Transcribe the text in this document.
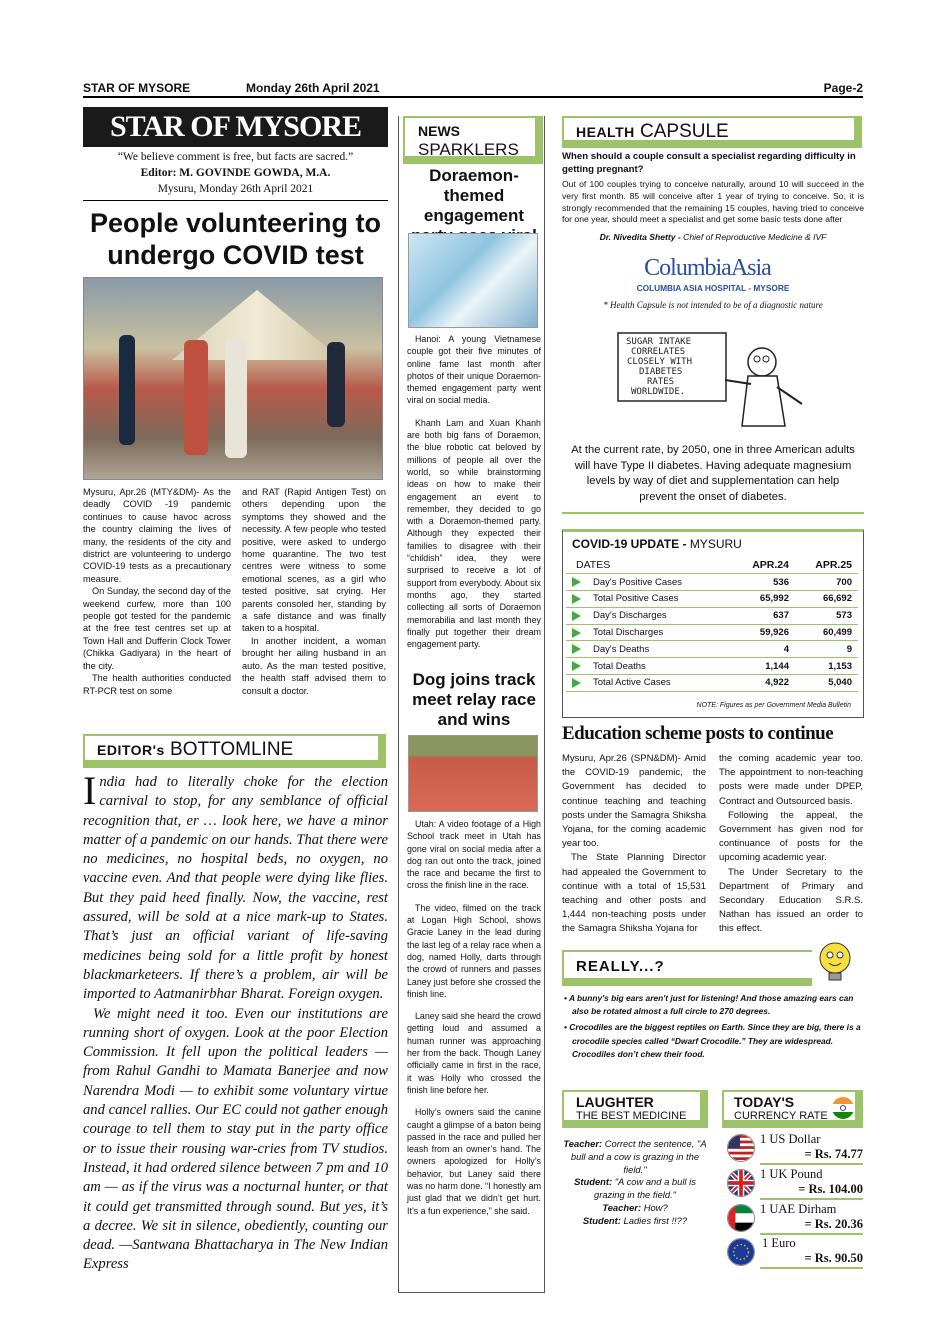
STAR OF MYSORE	Monday 26th April 2021	Page-2
STAR OF MYSORE
“We believe comment is free, but facts are sacred.”
Editor: M. GOVINDE GOWDA, M.A.
Mysuru, Monday 26th April 2021
People volunteering to undergo COVID test

Mysuru, Apr.26 (MTY&DM)- As the deadly COVID -19 pandemic continues to cause havoc across the country claiming the lives of many, the residents of the city and district are volunteering to undergo COVID-19 tests as a precautionary measure.

On Sunday, the second day of the weekend curfew, more than 100 people got tested for the pandemic at the free test centres set up at Town Hall and Dufferin Clock Tower (Chikka Gadiyara) in the heart of the city.

The health authorities conducted RT-PCR test on some

and RAT (Rapid Antigen Test) on others depending upon the symptoms they showed and the necessity. A few people who tested positive, were asked to undergo home quarantine. The two test centres were witness to some emotional scenes, as a girl who tested positive, sat crying. Her parents consoled her, standing by a safe distance and was finally taken to a hospital.

In another incident, a woman brought her ailing husband in an auto. As the man tested positive, the health staff advised them to consult a doctor.

EDITOR's BOTTOMLINE

India had to literally choke for the election carnival to stop, for any semblance of official recognition that, er … look here, we have a minor matter of a pandemic on our hands. That there were no medicines, no hospital beds, no oxygen, no vaccine even. And that people were dying like flies. But they paid heed finally. Now, the vaccine, rest assured, will be sold at a nice mark-up to States. That’s just an official variant of life-saving medicines being sold for a little profit by honest blackmarketeers. If there’s a problem, air will be imported to Aatmanirbhar Bharat. Foreign oxygen.

We might need it too. Even our institutions are running short of oxygen. Look at the poor Election Commission. It fell upon the political leaders — from Rahul Gandhi to Mamata Banerjee and now Narendra Modi — to exhibit some voluntary virtue and cancel rallies. Our EC could not gather enough courage to tell them to stay put in the party office or to issue their rousing war-cries from TV studios. Instead, it had ordered silence between 7 pm and 10 am — as if the virus was a nocturnal hunter, or that it could get transmitted through sound. But yes, it’s a decree. We sit in silence, obediently, counting our dead. —Santwana Bhattacharya in The New Indian Express

NEWS
SPARKLERS
Doraemon-themed engagement

Hanoi: A young Vietnamese couple got their five minutes of online fame last month after photos of their unique Doraemon-themed engagement party went viral on social media.

Khanh Lam and Xuan Khanh are both big fans of Doraemon, the blue robotic cat beloved by millions of people all over the world, so while brainstorming ideas on how to make their engagement an event to remember, they decided to go with a Doraemon-themed party. Although they expected their families to disagree with their “childish” idea, they were surprised to receive a lot of support from everybody. About six months ago, they started collecting all sorts of Doraemon memorabilia and last month they finally put together their dream engagement party.

Dog joins track meet relay race and wins

Utah: A video footage of a High School track meet in Utah has gone viral on social media after a dog ran out onto the track, joined the race and became the first to cross the finish line in the race.

The video, filmed on the track at Logan High School, shows Gracie Laney in the lead during the last leg of a relay race when a dog, named Holly, darts through the crowd of runners and passes Laney just before she crossed the finish line.

Laney said she heard the crowd getting loud and assumed a human runner was approaching her from the back. Though Laney officially came in first in the race, it was Holly who crossed the finish line before her.

Holly’s owners said the canine caught a glimpse of a baton being passed in the race and pulled her leash from an owner’s hand. The owners apologized for Holly’s behavior, but Laney said there was no harm done. “I honestly am just glad that we didn’t get hurt. It’s a fun experience,” she said.

HEALTH CAPSULE
When should a couple consult a specialist regarding difficulty in getting pregnant?
Out of 100 couples trying to conceive naturally, around 10 will succeed in the very first month. 85 will conceive after 1 year of trying to conceive. So, it is strongly recommended that the remaining 15 couples, having tried to conceive for one year, should meet a specialist and get some basic tests done after
Dr. Nivedita Shetty - Chief of Reproductive Medicine & IVF
ColumbiaAsia
COLUMBIA ASIA HOSPITAL - MYSORE
* Health Capsule is not intended to be of a diagnostic nature
SUGAR INTAKE
CORRELATES
CLOSELY WITH
DIABETES
RATES
WORLDWIDE.
At the current rate, by 2050, one in three American adults will have Type II diabetes. Having adequate magnesium levels by way of diet and supplementation can help prevent the onset of diabetes.
COVID-19 UPDATE - MYSURU
DATES	APR.24	APR.25
Day's Positive Cases	536	700
Total Positive Cases	65,992	66,692
Day's Discharges	637	573
Total Discharges	59,926	60,499
Day's Deaths	4	9
Total Deaths	1,144	1,153
Total Active Cases	4,922	5,040
NOTE: Figures as per Government Media Bulletin
Education scheme posts to continue

Mysuru, Apr.26 (SPN&DM)- Amid the COVID-19 pandemic, the Government has decided to continue teaching and teaching posts under the Samagra Shiksha Yojana, for the coming academic year too.

The State Planning Director had appealed the Government to continue with a total of 15,531 teaching and other posts and 1,444 non-teaching posts under the Samagra Shiksha Yojana for

the coming academic year too. The appointment to non-teaching posts were made under DPEP, Contract and Outsourced basis.

Following the appeal, the Government has given nod for continuance of posts for the upcoming academic year.

The Under Secretary to the Department of Primary and Secondary Education S.R.S. Nathan has issued an order to this effect.

REALLY...?
• A bunny's big ears aren't just for listening! And those amazing ears can also be rotated almost a full circle to 270 degrees.
• Crocodiles are the biggest reptiles on Earth. Since they are big, there is a crocodile species called “Dwarf Crocodile.” They are widespread. Crocodiles don’t chew their food.
LAUGHTER
THE BEST MEDICINE
Teacher: Correct the sentence, "A bull and a cow is grazing in the field."
Student: "A cow and a bull is grazing in the field."
Teacher: How?
Student: Ladies first !!??
TODAY'S
CURRENCY RATE
1 US Dollar
= Rs. 74.77
1 UK Pound
= Rs. 104.00
1 UAE Dirham
= Rs. 20.36
1 Euro
= Rs. 90.50
